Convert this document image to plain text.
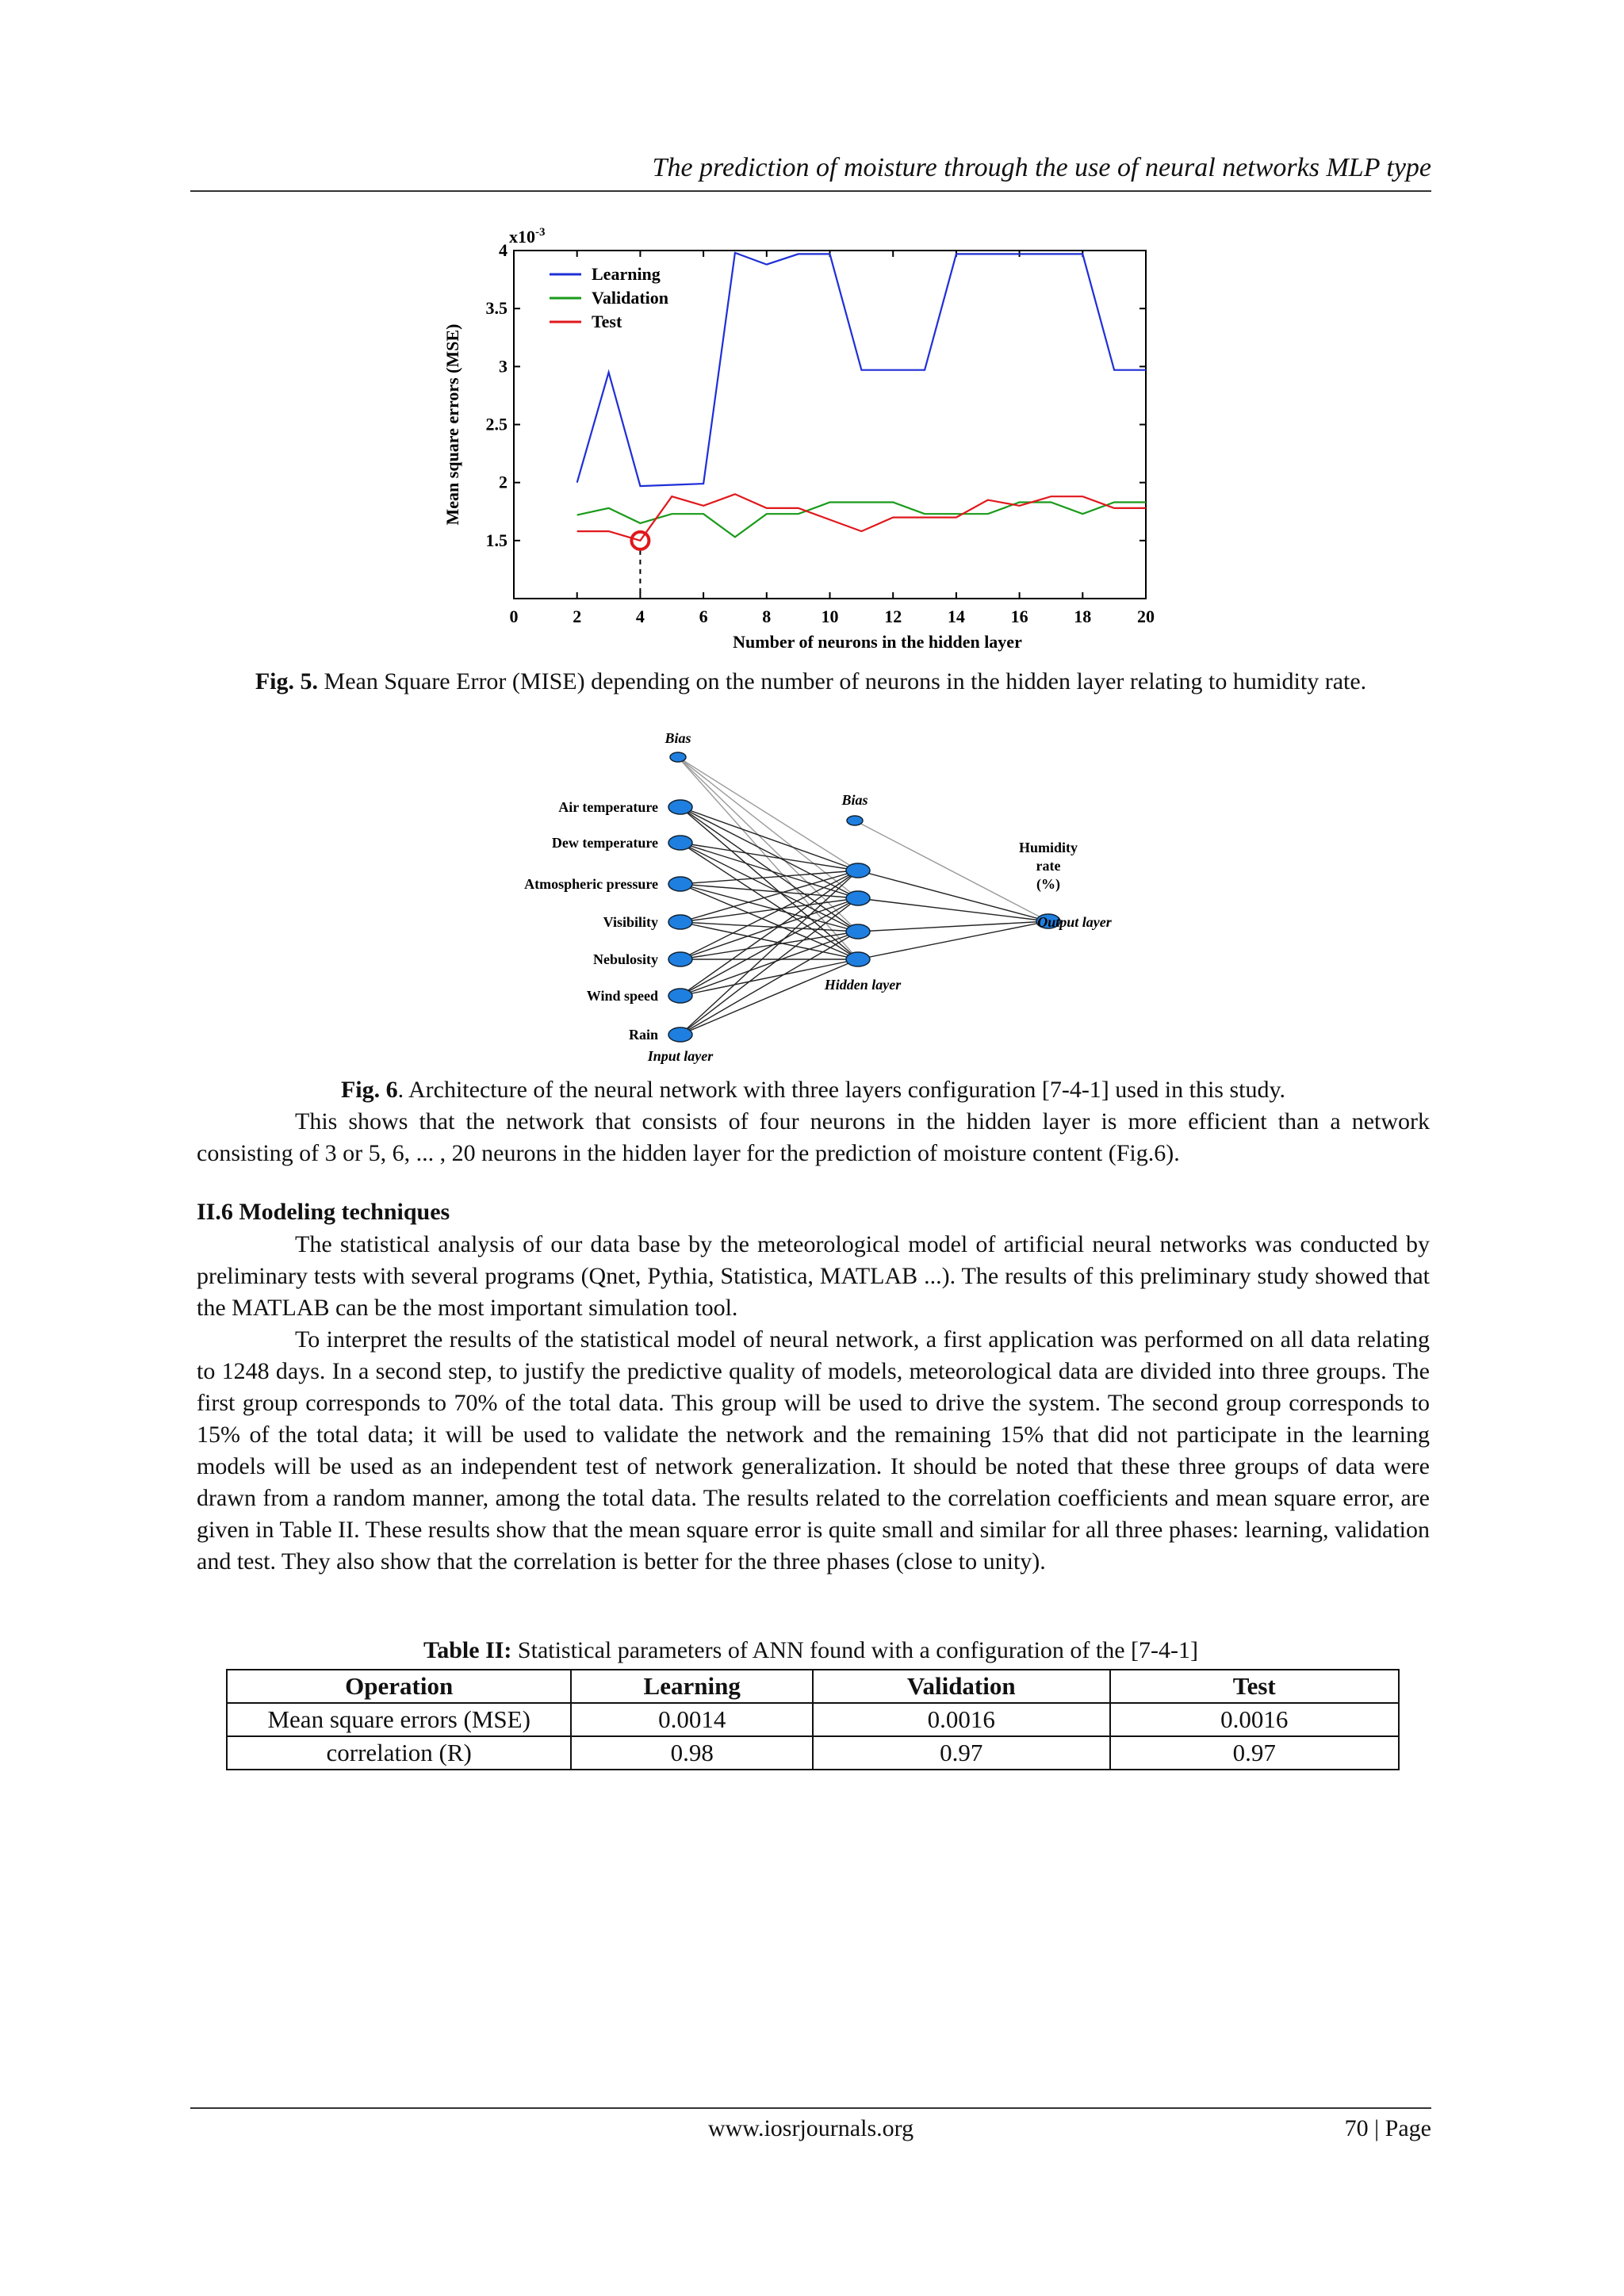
The prediction of moisture through the use of neural networks MLP type
0	2	4	6	8	10	12	14	16	18	20
1.5
2
2.5
3
3.5
4
$x10^{-3}$
Number of neurons in the hidden layer
Mean square errors (MSE)
Learning
Validation
Test
Fig. 5. Mean Square Error (MISE) depending on the number of neurons in the hidden layer relating to humidity rate.
Bias
Bias
Air temperature
Dew temperature
Atmospheric pressure
Visibility
Nebulosity
Wind speed
Rain
Humidity
rate
(%)
Input layer
Hidden layer
Output layer
Fig. 6. Architecture of the neural network with three layers configuration [7-4-1] used in this study.
This shows that the network that consists of four neurons in the hidden layer is more efficient than a network consisting of 3 or 5, 6, ... , 20 neurons in the hidden layer for the prediction of moisture content (Fig.6).
II.6 Modeling techniques
The statistical analysis of our data base by the meteorological model of artificial neural networks was conducted by preliminary tests with several programs (Qnet, Pythia, Statistica, MATLAB ...). The results of this preliminary study showed that the MATLAB can be the most important simulation tool.
To interpret the results of the statistical model of neural network, a first application was performed on all data relating to 1248 days. In a second step, to justify the predictive quality of models, meteorological data are divided into three groups. The first group corresponds to 70% of the total data. This group will be used to drive the system. The second group corresponds to 15% of the total data; it will be used to validate the network and the remaining 15% that did not participate in the learning models will be used as an independent test of network generalization. It should be noted that these three groups of data were drawn from a random manner, among the total data. The results related to the correlation coefficients and mean square error, are given in Table II. These results show that the mean square error is quite small and similar for all three phases: learning, validation and test. They also show that the correlation is better for the three phases (close to unity).
Table II: Statistical parameters of ANN found with a configuration of the [7-4-1]
Operation	Learning	Validation	Test
Mean square errors (MSE)	0.0014	0.0016	0.0016
correlation (R)	0.98	0.97	0.97
www.iosrjournals.org	70 | Page
